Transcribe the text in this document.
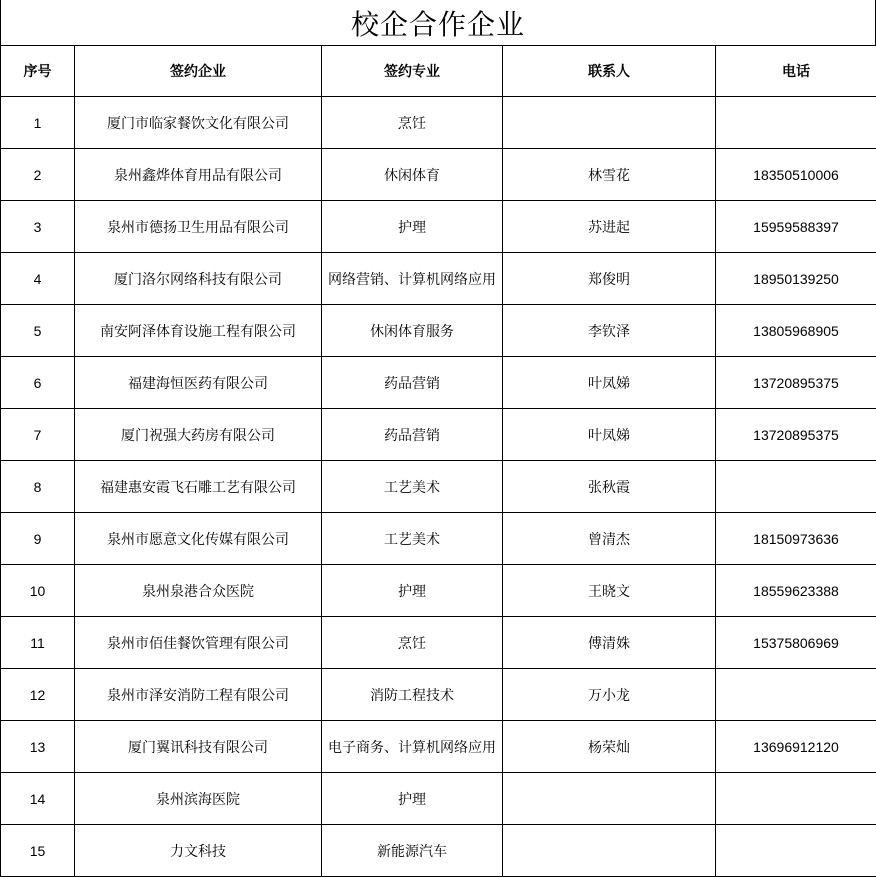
校企合作企业
序号	签约企业	签约专业	联系人	电话
1	厦门市临家餐饮文化有限公司	烹饪		
2	泉州鑫烨体育用品有限公司	休闲体育	林雪花	18350510006
3	泉州市德扬卫生用品有限公司	护理	苏进起	15959588397
4	厦门洛尔网络科技有限公司	网络营销、计算机网络应用	郑俊明	18950139250
5	南安阿泽体育设施工程有限公司	休闲体育服务	李钦泽	13805968905
6	福建海恒医药有限公司	药品营销	叶凤娣	13720895375
7	厦门祝强大药房有限公司	药品营销	叶凤娣	13720895375
8	福建惠安霞飞石雕工艺有限公司	工艺美术	张秋霞	
9	泉州市愿意文化传媒有限公司	工艺美术	曾清杰	18150973636
10	泉州泉港合众医院	护理	王晓文	18559623388
11	泉州市佰佳餐饮管理有限公司	烹饪	傅清姝	15375806969
12	泉州市泽安消防工程有限公司	消防工程技术	万小龙	
13	厦门翼讯科技有限公司	电子商务、计算机网络应用	杨荣灿	13696912120
14	泉州滨海医院	护理		
15	力文科技	新能源汽车		
